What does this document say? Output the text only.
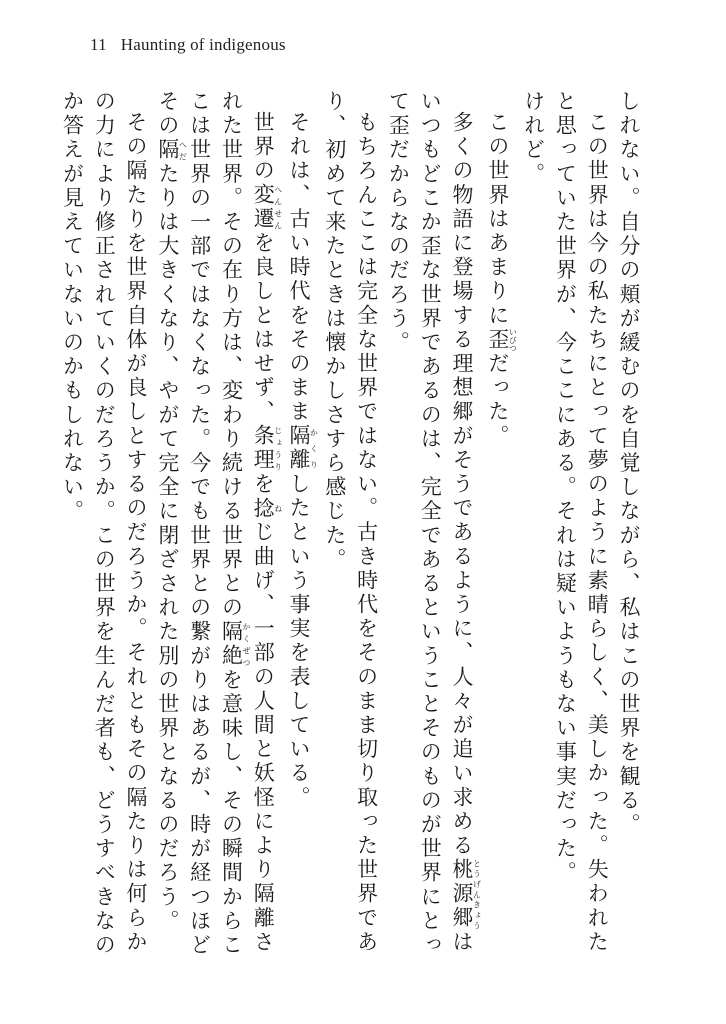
11 Haunting of indigenous

しれない。自分の頬が緩むのを自覚しながら、私はこの世界を観る。

この世界は今の私たちにとって夢のように素晴らしく、美しかった。失われたと思っていた世界が、今ここにある。それは疑いようもない事実だった。

けれど。

この世界はあまりに歪いびつだった。

多くの物語に登場する理想郷がそうであるように、人々が追い求める桃源郷とうげんきょうはいつもどこか歪な世界であるのは、完全であるということそのものが世界にとって歪だからなのだろう。

もちろんここは完全な世界ではない。古き時代をそのまま切り取った世界であり、初めて来たときは懐かしさすら感じた。

それは、古い時代をそのまま隔離かくりしたという事実を表している。

世界の変遷へんせんを良しとはせず、条理じょうりを捻ねじ曲げ、一部の人間と妖怪により隔離された世界。その在り方は、変わり続ける世界との隔絶かくぜつを意味し、その瞬間からここは世界の一部ではなくなった。今でも世界との繋がりはあるが、時が経つほどその隔へだたりは大きくなり、やがて完全に閉ざされた別の世界となるのだろう。

その隔たりを世界自体が良しとするのだろうか。それともその隔たりは何らかの力により修正されていくのだろうか。この世界を生んだ者も、どうすべきなのか答えが見えていないのかもしれない。
